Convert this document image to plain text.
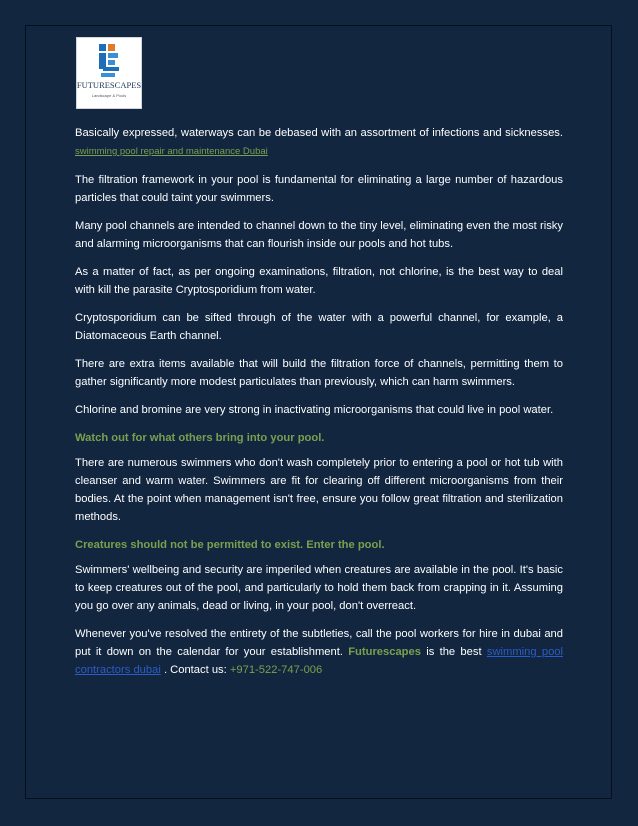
FUTURESCAPES
Landscape & Pools

Basically expressed, waterways can be debased with an assortment of infections and sicknesses. swimming pool repair and maintenance Dubai

The filtration framework in your pool is fundamental for eliminating a large number of hazardous particles that could taint your swimmers.

Many pool channels are intended to channel down to the tiny level, eliminating even the most risky and alarming microorganisms that can flourish inside our pools and hot tubs.

As a matter of fact, as per ongoing examinations, filtration, not chlorine, is the best way to deal with kill the parasite Cryptosporidium from water.

Cryptosporidium can be sifted through of the water with a powerful channel, for example, a Diatomaceous Earth channel.

There are extra items available that will build the filtration force of channels, permitting them to gather significantly more modest particulates than previously, which can harm swimmers.

Chlorine and bromine are very strong in inactivating microorganisms that could live in pool water.

Watch out for what others bring into your pool.

There are numerous swimmers who don't wash completely prior to entering a pool or hot tub with cleanser and warm water. Swimmers are fit for clearing off different microorganisms from their bodies. At the point when management isn't free, ensure you follow great filtration and sterilization methods.

Creatures should not be permitted to exist. Enter the pool.

Swimmers' wellbeing and security are imperiled when creatures are available in the pool. It's basic to keep creatures out of the pool, and particularly to hold them back from crapping in it. Assuming you go over any animals, dead or living, in your pool, don't overreact.

Whenever you've resolved the entirety of the subtleties, call the pool workers for hire in dubai and put it down on the calendar for your establishment. Futurescapes is the best swimming pool contractors dubai . Contact us: +971-522-747-006
